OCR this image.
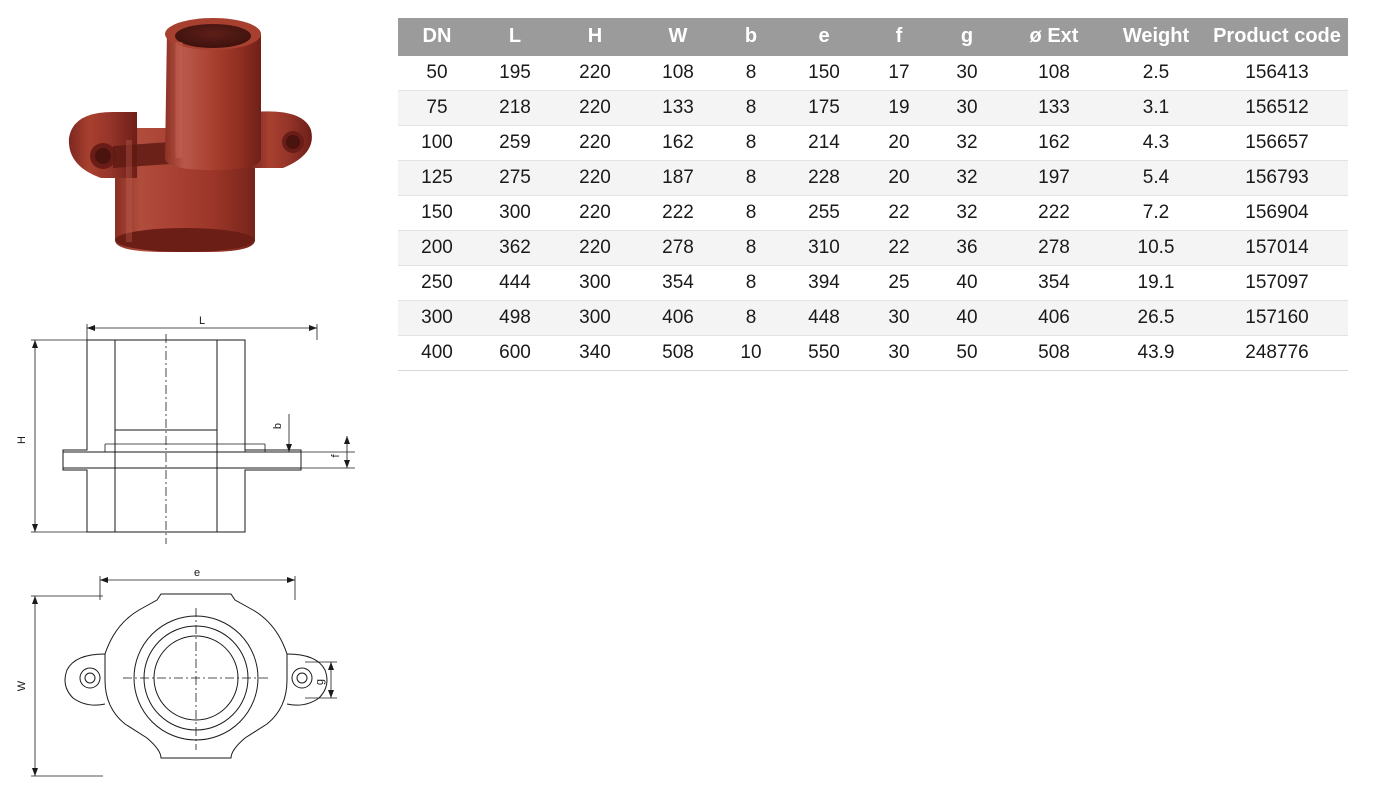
L
H
b
f
e
W	g
DN	L	H	W	b	e	f	g	ø Ext	Weight	Product code
50	195	220	108	8	150	17	30	108	2.5	156413
75	218	220	133	8	175	19	30	133	3.1	156512
100	259	220	162	8	214	20	32	162	4.3	156657
125	275	220	187	8	228	20	32	197	5.4	156793
150	300	220	222	8	255	22	32	222	7.2	156904
200	362	220	278	8	310	22	36	278	10.5	157014
250	444	300	354	8	394	25	40	354	19.1	157097
300	498	300	406	8	448	30	40	406	26.5	157160
400	600	340	508	10	550	30	50	508	43.9	248776
